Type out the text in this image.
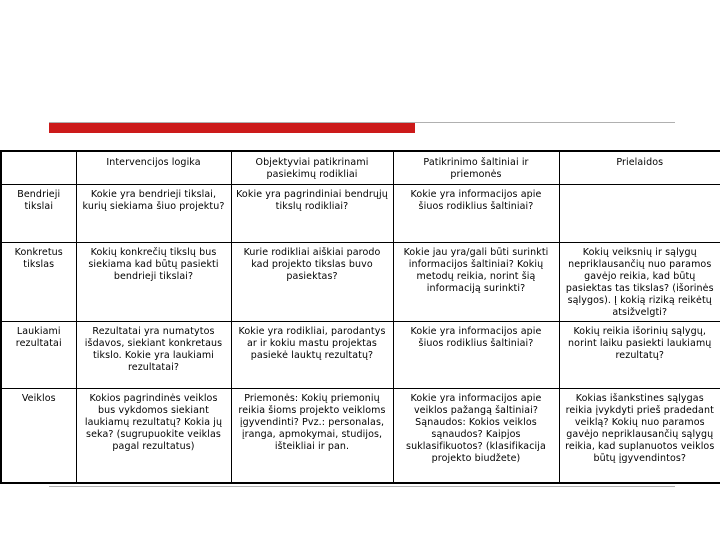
	Intervencijos logika	Objektyviai patikrinami pasiekimų rodikliai	Patikrinimo šaltiniai ir priemonės	Prielaidos
Bendrieji tikslai	Kokie yra bendrieji tikslai, kurių siekiama šiuo projektu?	Kokie yra pagrindiniai bendrųjų tikslų rodikliai?	Kokie yra informacijos apie šiuos rodiklius šaltiniai?	
Konkretus tikslas	Kokių konkrečių tikslų bus siekiama kad būtų pasiekti bendrieji tikslai?	Kurie rodikliai aiškiai parodo kad projekto tikslas buvo pasiektas?	Kokie jau yra/gali būti surinkti informacijos šaltiniai? Kokių metodų reikia, norint šią informaciją surinkti?	Kokių veiksnių ir sąlygų nepriklausančių nuo paramos gavėjo reikia, kad būtų pasiektas tas tikslas? (išorinės sąlygos). Į kokią riziką reikėtų atsižvelgti?
Laukiami rezultatai	Rezultatai yra numatytos išdavos, siekiant konkretaus tikslo. Kokie yra laukiami rezultatai?	Kokie yra rodikliai, parodantys ar ir kokiu mastu projektas pasiekė lauktų rezultatų?	Kokie yra informacijos apie šiuos rodiklius šaltiniai?	Kokių reikia išorinių sąlygų, norint laiku pasiekti laukiamų rezultatų?
Veiklos	Kokios pagrindinės veiklos bus vykdomos siekiant laukiamų rezultatų? Kokia jų seka? (sugrupuokite veiklas pagal rezultatus)	Priemonės: Kokių priemonių reikia šioms projekto veikloms įgyvendinti? Pvz.: personalas, įranga, apmokymai, studijos, išteikliai ir pan.	Kokie yra informacijos apie veiklos pažangą šaltiniai? Sąnaudos: Kokios veiklos sąnaudos? Kaipjos suklasifikuotos? (klasifikacija projekto biudžete)	Kokias išankstines sąlygas reikia įvykdyti prieš pradedant veiklą? Kokių nuo paramos gavėjo nepriklausančių sąlygų reikia, kad suplanuotos veiklos būtų įgyvendintos?
